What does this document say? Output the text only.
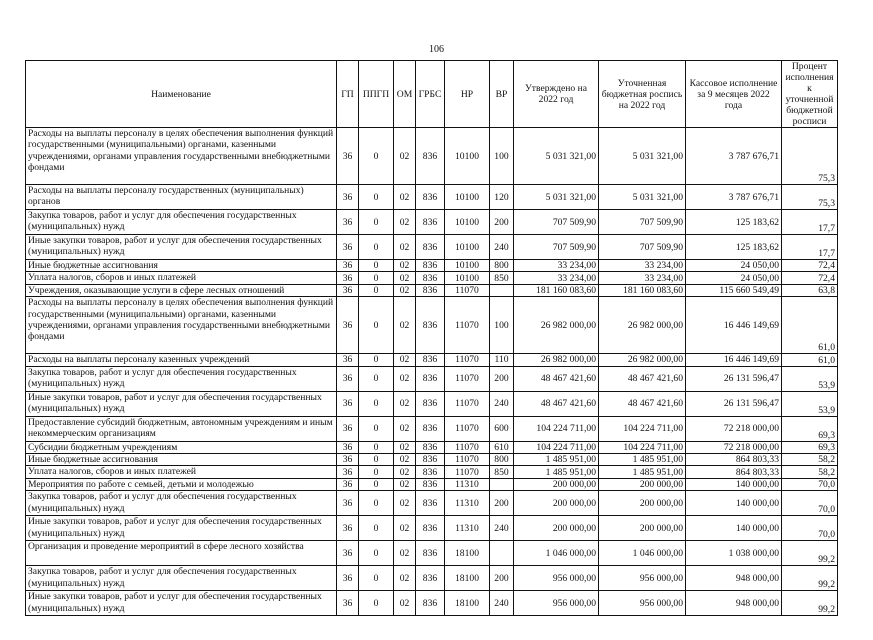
106
Наименование	ГП	ППГП	ОМ	ГРБС	НР	ВР	Утверждено на 2022 год	Уточненная бюджетная роспись на 2022 год	Кассовое исполнение за 9 месяцев 2022 года	Процент исполнения к уточненной бюджетной росписи
Расходы на выплаты персоналу в целях обеспечения выполнения функций государственными (муниципальными) органами, казенными учреждениями, органами управления государственными внебюджетными фондами	36	0	02	836	10100	100	5 031 321,00	5 031 321,00	3 787 676,71	75,3
Расходы на выплаты персоналу государственных (муниципальных) органов	36	0	02	836	10100	120	5 031 321,00	5 031 321,00	3 787 676,71	75,3
Закупка товаров, работ и услуг для обеспечения государственных (муниципальных) нужд	36	0	02	836	10100	200	707 509,90	707 509,90	125 183,62	17,7
Иные закупки товаров, работ и услуг для обеспечения государственных (муниципальных) нужд	36	0	02	836	10100	240	707 509,90	707 509,90	125 183,62	17,7
Иные бюджетные ассигнования	36	0	02	836	10100	800	33 234,00	33 234,00	24 050,00	72,4
Уплата налогов, сборов и иных платежей	36	0	02	836	10100	850	33 234,00	33 234,00	24 050,00	72,4
Учреждения, оказывающие услуги в сфере лесных отношений	36	0	02	836	11070		181 160 083,60	181 160 083,60	115 660 549,49	63,8
Расходы на выплаты персоналу в целях обеспечения выполнения функций государственными (муниципальными) органами, казенными учреждениями, органами управления государственными внебюджетными фондами	36	0	02	836	11070	100	26 982 000,00	26 982 000,00	16 446 149,69	61,0
Расходы на выплаты персоналу казенных учреждений	36	0	02	836	11070	110	26 982 000,00	26 982 000,00	16 446 149,69	61,0
Закупка товаров, работ и услуг для обеспечения государственных (муниципальных) нужд	36	0	02	836	11070	200	48 467 421,60	48 467 421,60	26 131 596,47	53,9
Иные закупки товаров, работ и услуг для обеспечения государственных (муниципальных) нужд	36	0	02	836	11070	240	48 467 421,60	48 467 421,60	26 131 596,47	53,9
Предоставление субсидий бюджетным, автономным учреждениям и иным некоммерческим организациям	36	0	02	836	11070	600	104 224 711,00	104 224 711,00	72 218 000,00	69,3
Субсидии бюджетным учреждениям	36	0	02	836	11070	610	104 224 711,00	104 224 711,00	72 218 000,00	69,3
Иные бюджетные ассигнования	36	0	02	836	11070	800	1 485 951,00	1 485 951,00	864 803,33	58,2
Уплата налогов, сборов и иных платежей	36	0	02	836	11070	850	1 485 951,00	1 485 951,00	864 803,33	58,2
Мероприятия по работе с семьей, детьми и молодежью	36	0	02	836	11310		200 000,00	200 000,00	140 000,00	70,0
Закупка товаров, работ и услуг для обеспечения государственных (муниципальных) нужд	36	0	02	836	11310	200	200 000,00	200 000,00	140 000,00	70,0
Иные закупки товаров, работ и услуг для обеспечения государственных (муниципальных) нужд	36	0	02	836	11310	240	200 000,00	200 000,00	140 000,00	70,0
Организация и проведение мероприятий в сфере лесного хозяйства	36	0	02	836	18100		1 046 000,00	1 046 000,00	1 038 000,00	99,2
Закупка товаров, работ и услуг для обеспечения государственных (муниципальных) нужд	36	0	02	836	18100	200	956 000,00	956 000,00	948 000,00	99,2
Иные закупки товаров, работ и услуг для обеспечения государственных (муниципальных) нужд	36	0	02	836	18100	240	956 000,00	956 000,00	948 000,00	99,2
